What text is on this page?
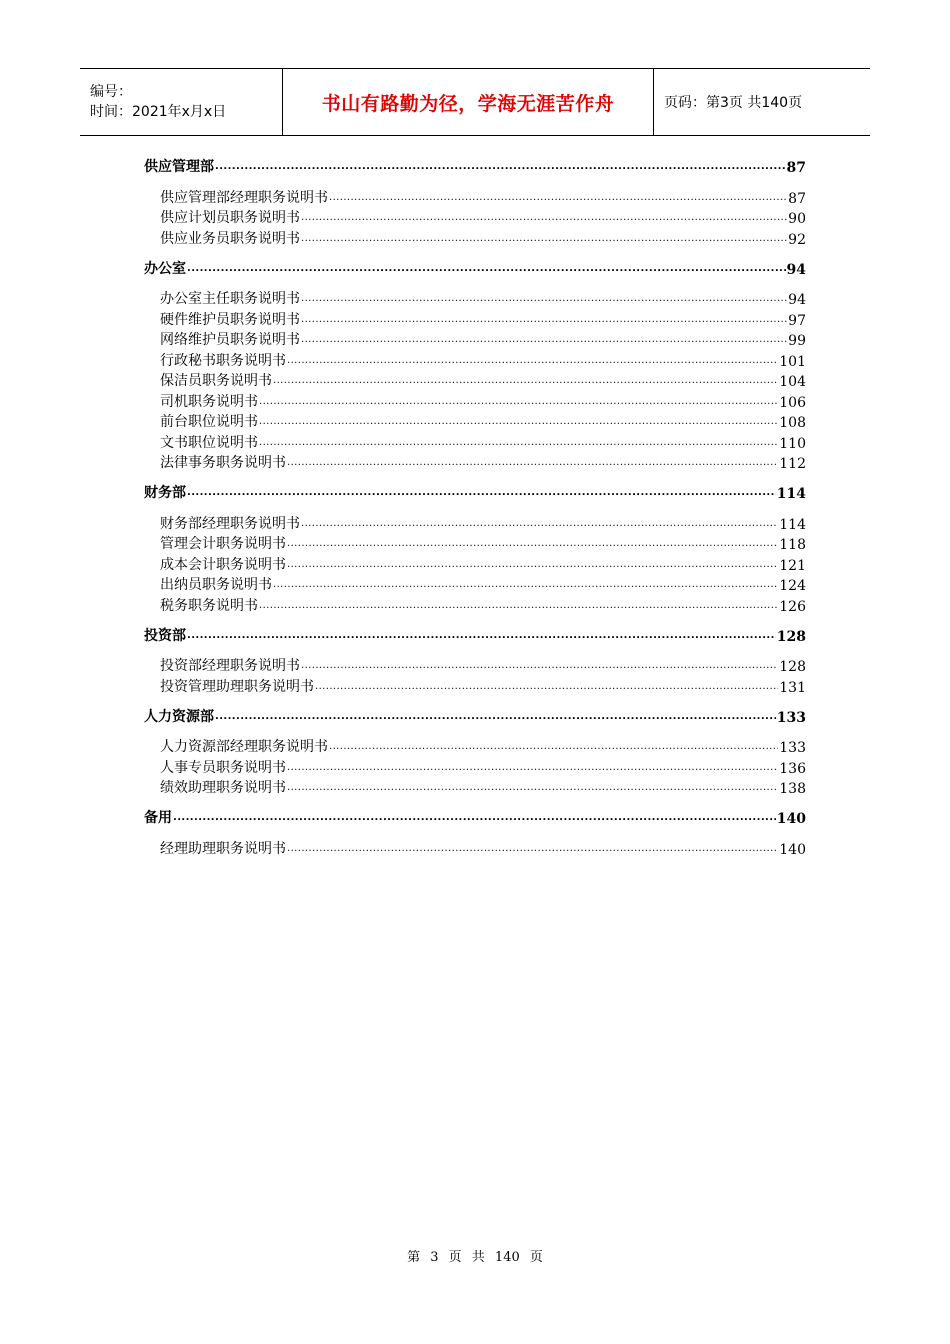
编号：
时间：2021年x月x日	书山有路勤为径，学海无涯苦作舟	页码：第3页 共140页
供应管理部 .....	87
供应管理部经理职务说明书 .....	87
供应计划员职务说明书 .....	90
供应业务员职务说明书 .....	92
办公室 .....	94
办公室主任职务说明书 .....	94
硬件维护员职务说明书 .....	97
网络维护员职务说明书 .....	99
行政秘书职务说明书 .....	101
保洁员职务说明书 .....	104
司机职务说明书 .....	106
前台职位说明书 .....	108
文书职位说明书 .....	110
法律事务职务说明书 .....	112
财务部 .....	114
财务部经理职务说明书 .....	114
管理会计职务说明书 .....	118
成本会计职务说明书 .....	121
出纳员职务说明书 .....	124
税务职务说明书 .....	126
投资部 .....	128
投资部经理职务说明书 .....	128
投资管理助理职务说明书 .....	131
人力资源部 .....	133
人力资源部经理职务说明书 .....	133
人事专员职务说明书 .....	136
绩效助理职务说明书 .....	138
备用 .....	140
经理助理职务说明书 .....	140
第 3 页 共 140 页
